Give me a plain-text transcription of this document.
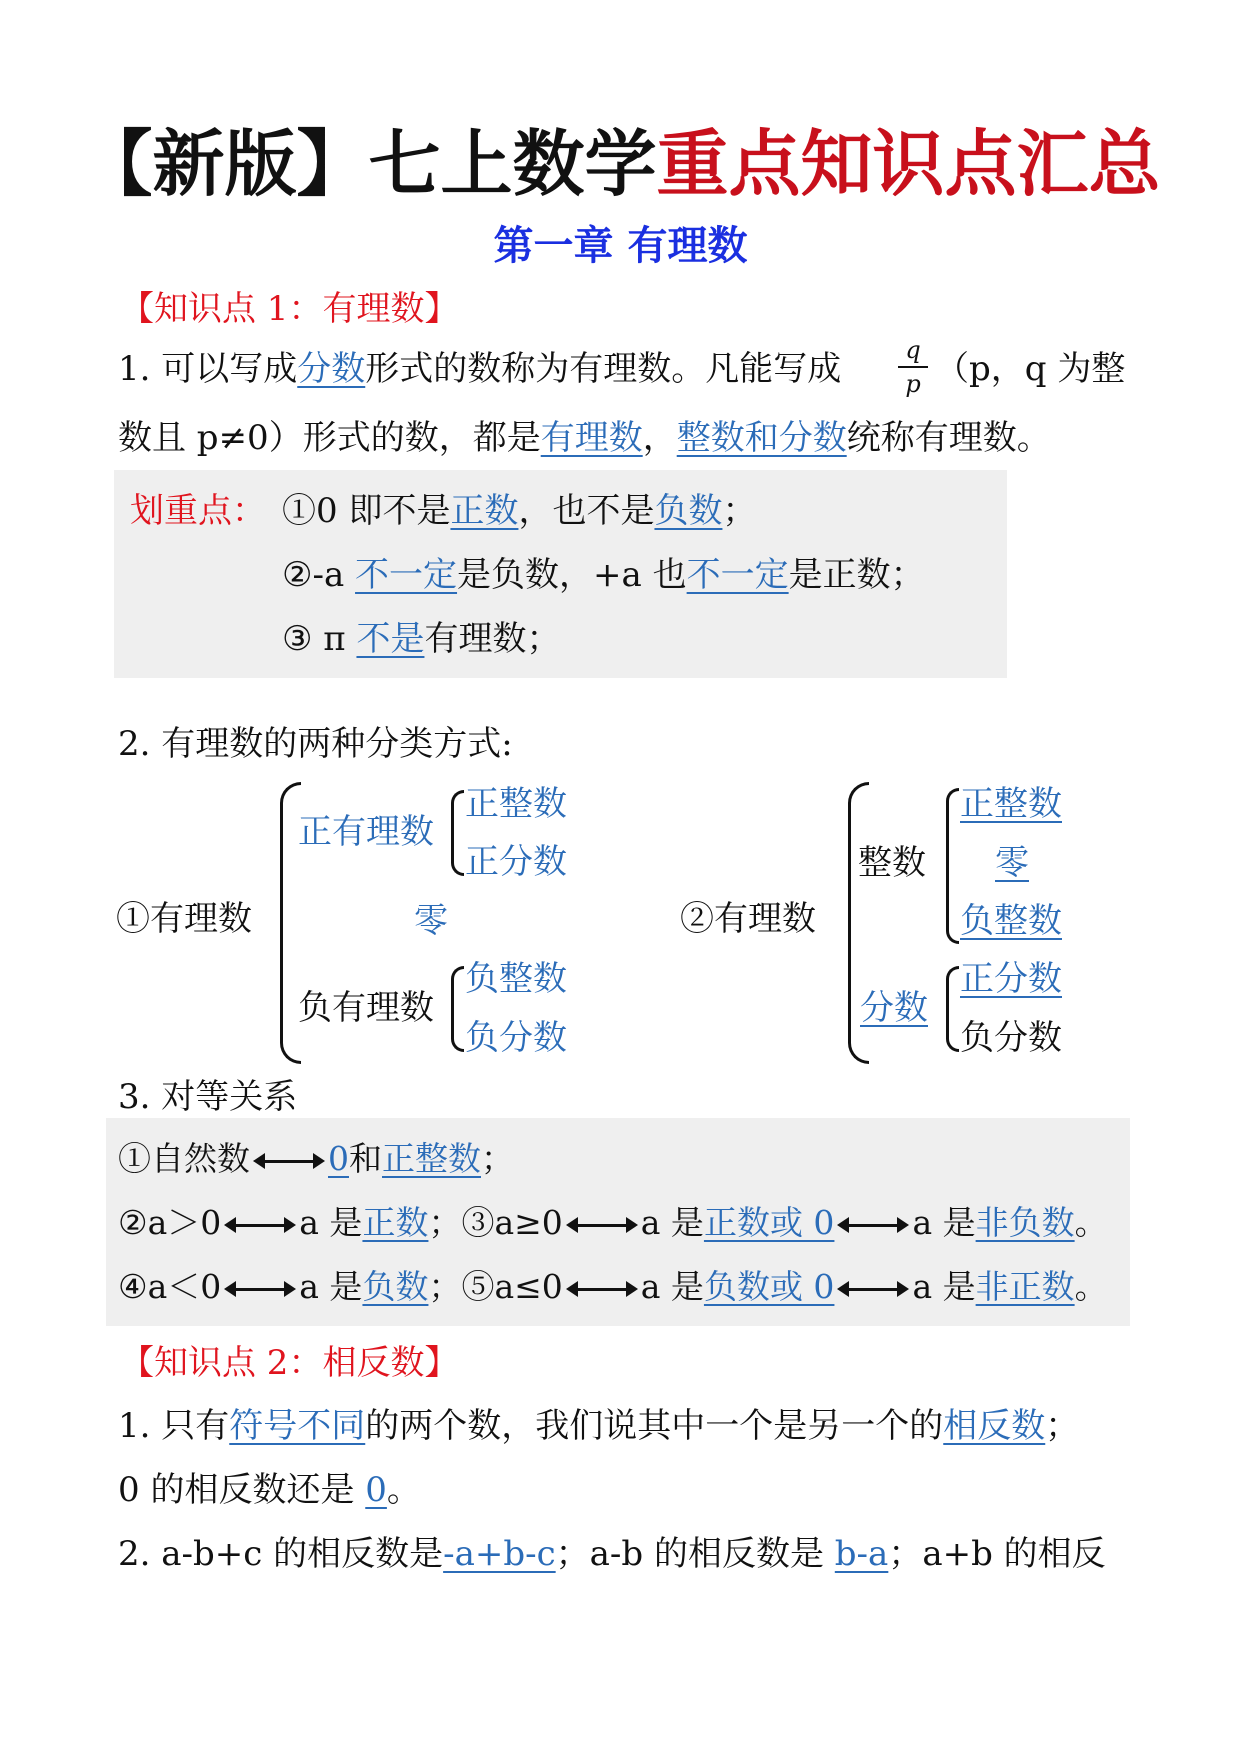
【新版】七上数学重点知识点汇总
第一章 有理数
【知识点 1：有理数】
1. 可以写成分数形式的数称为有理数。凡能写成	q
p （p，q 为整
数且 p≠0）形式的数，都是有理数，整数和分数统称有理数。
划重点： ①0 即不是正数，也不是负数；
②-a 不一定是负数，+a 也不一定是正数；
③ π 不是有理数；
2. 有理数的两种分类方式:
①有理数
正有理数
正整数
正分数
零
负有理数
负整数
负分数
②有理数
整数
正整数
零
负整数
分数
正分数
负分数
3. 对等关系
①自然数 0和正整数；
②a＞0 a 是正数；③a≥0 a 是正数或 0 a 是非负数。
④a＜0 a 是负数；⑤a≤0 a 是负数或 0 a 是非正数。
【知识点 2：相反数】
1. 只有符号不同的两个数，我们说其中一个是另一个的相反数；
0 的相反数还是 0。
2. a-b+c 的相反数是-a+b-c；a-b 的相反数是 b-a；a+b 的相反
